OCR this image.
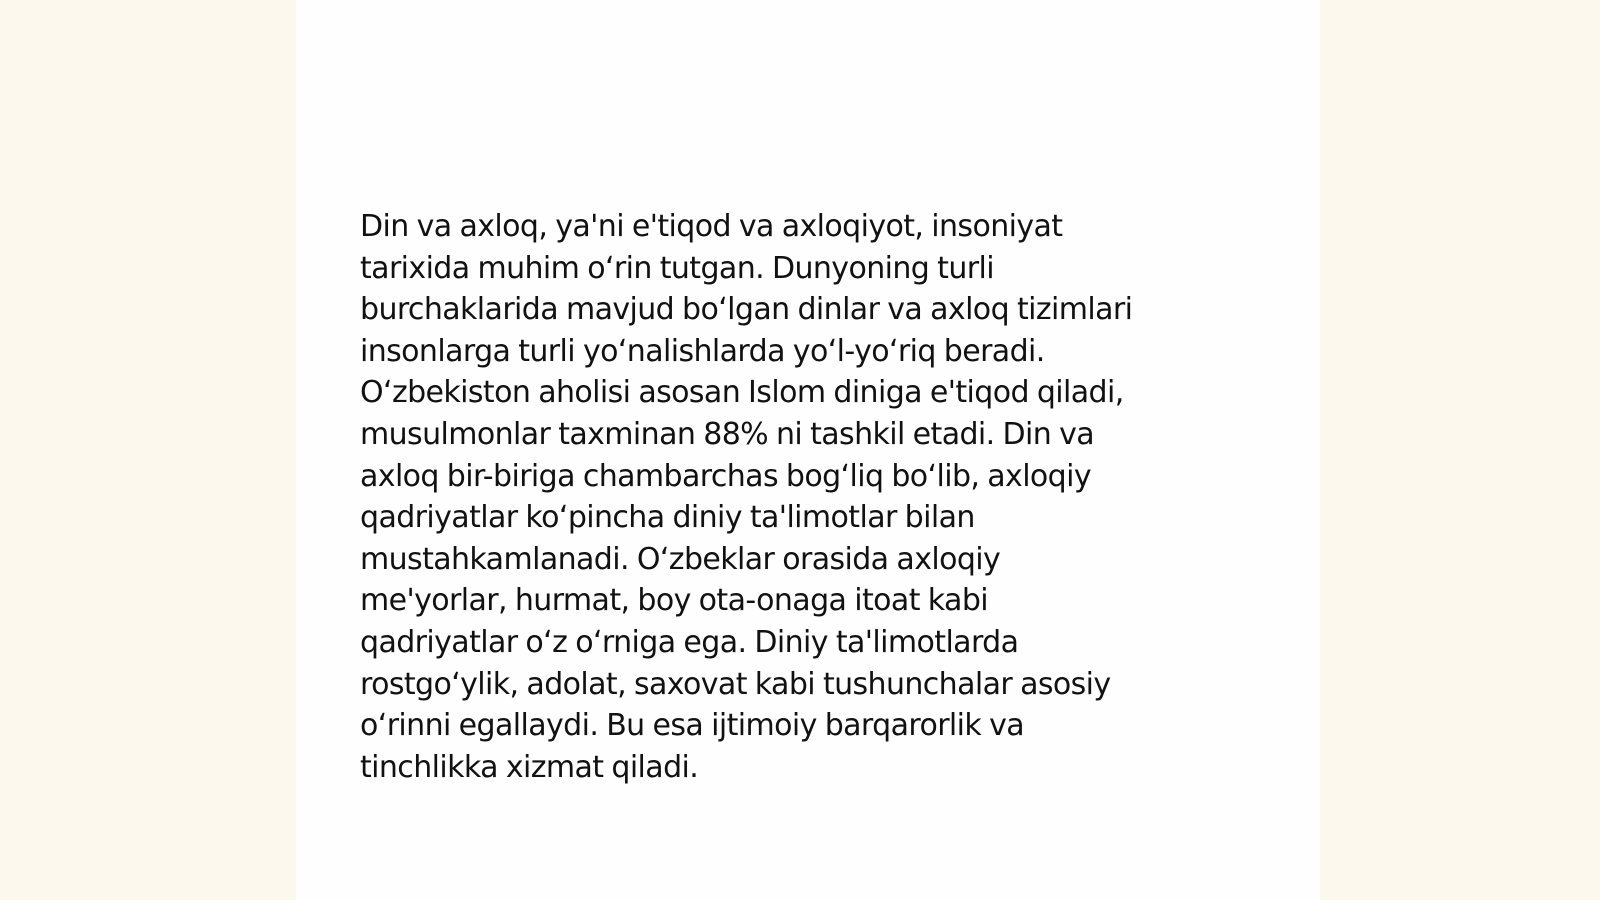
Din va axloq, ya'ni e'tiqod va axloqiyot, insoniyat
tarixida muhim o‘rin tutgan. Dunyoning turli
burchaklarida mavjud bo‘lgan dinlar va axloq tizimlari
insonlarga turli yo‘nalishlarda yo‘l-yo‘riq beradi.
O‘zbekiston aholisi asosan Islom diniga e'tiqod qiladi,
musulmonlar taxminan 88% ni tashkil etadi. Din va
axloq bir-biriga chambarchas bog‘liq bo‘lib, axloqiy
qadriyatlar ko‘pincha diniy ta'limotlar bilan
mustahkamlanadi. O‘zbeklar orasida axloqiy
me'yorlar, hurmat, boy ota-onaga itoat kabi
qadriyatlar o‘z o‘rniga ega. Diniy ta'limotlarda
rostgo‘ylik, adolat, saxovat kabi tushunchalar asosiy
o‘rinni egallaydi. Bu esa ijtimoiy barqarorlik va
tinchlikka xizmat qiladi.
